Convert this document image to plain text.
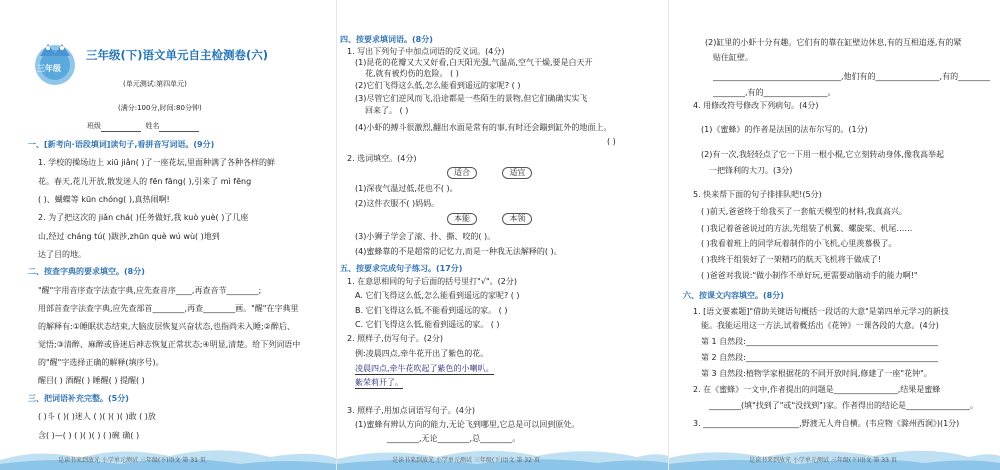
三年级
三年级(下)语文单元自主检测卷(六)
(单元测试:第四单元)
(满分:100分,时间:80分钟)
班级	姓名
一、[新考向·语段填词]读句子,看拼音写词语。(9分)
1. 学校的操场边上 xiū jiǎn( )了一座花坛,里面种满了各种各样的鲜
花。春天,花儿开放,散发迷人的 fēn fāng( ),引来了 mì fēng
( )、蝴蝶等 kūn chóng( ),真热闹啊!
2. 为了把这次的 jiǎn chá( )任务做好,我 kuò yuè( )了几座
山,经过 cháng tú( )跋涉,zhūn què wú wù( )地到
达了目的地。
二、按查字典的要求填空。(8分)
"醒"字用音序查字法查字典,应先查音序____,再查音节________;
用部首查字法查字典,应先查部首________,再查________画。"醒"在字典里
的解释有:①睡眠状态结束,大脑皮层恢复兴奋状态,也指尚未入睡;②醉后、
觉悟;③清醉、麻醉或昏迷后神志恢复正常状态;④明显,清楚。给下列词语中
的"醒"字选择正确的解释(填序号)。
醒目( ) 酒醒( ) 睡醒( ) 提醒( )
三、把词语补充完整。(5分)
( )斗 ( )( )迷人 ( )( )( )( )敢 ( )放
含( )—( ) ( )( )( ) ( )碗 确( )
是读书来到放光 小学单元测试 三年级(下)语文 第 31 页
四、按要求填词语。(8分)
1. 写出下列句子中加点词语的反义词。(4分)
(1)昆花的花瓣又大又好看,白天阳光强,气温高,空气干燥,要是白天开
花,就有被灼伤的危险。 ( )
(2)它们飞得这么低,怎么能看到遥远的家呢? ( )
(3)尽管它们逆风而飞,沿途都是一些陌生的景物,但它们确确实实飞
回来了。 ( )
(4)小虾的搏斗很激烈,翻出水面是常有的事,有时还会蹦到缸外的地面上。
( )
2. 选词填空。(4分)
适合	适宜
(1)深夜气温过低,花也不( )。
(2)这件衣服不( )妈妈。
本能	本领
(3)小狮子学会了滚、扑、撕、咬的( )。
(4)蜜蜂靠的不是超常的记忆力,而是一种我无法解释的( )。
五、按要求完成句子练习。(17分)
1. 在意思相同的句子后面的括号里打"√"。(2分)
A. 它们飞得这么低,怎么能看到遥远的家呢? ( )
B. 它们飞得这么低,不能看到遥远的家。 ( )
C. 它们飞得这么低,能看到遥远的家。 ( )
2. 照样子,仿写句子。(2分)
例:凌晨四点,牵牛花开出了紫色的花。
凌晨四点,牵牛花吹起了紫色的小喇叭。
紫荣莉开了。
3. 照样子,用加点词语写句子。(4分)
(1)蜜蜂有辨认方向的能力,无论飞到哪里,它总是可以回到原处。
________,无论________,总________。
是读书来到放光 小学单元测试 三年级(下)语文 第 32 页
(2)缸里的小虾十分有趣。它们有的靠在缸壁边休息,有的互相追逐,有的紧
贴住缸壁。
________________________________,他们有的________________,有的________
________,有的________________。
4. 用修改符号修改下列病句。(4分)
(1)《蜜蜂》的作者是法国的法布尔写的。(1分)
(2)有一次,我轻轻点了它一下用一根小棍,它立刻转动身体,像我高举起
一把锋利的大刀。(3分)
5. 快来帮下面的句子排排队吧!(5分)
( )前天,爸爸终于给我买了一套航天模型的材料,我真高兴。
( )我记着爸爸说过的方法,先组装了机翼、螺旋桨、机尾……
( )我看着班上的同学玩着制作的小飞机,心里羡慕极了。
( )我终于组装好了一架精巧的航天飞机将于做成了!
( )爸爸对我说:"做小制作不单好玩,更需要动脑动手的能力啊!"
六、按课文内容填空。(8分)
1. [语文要素题]"借助关键语句概括一段话的大意"是第四单元学习的新技
能。我能运用这一方法,试着概括出《花钟》一课各段的大意。(4分)
第 1 自然段:________________________________________________
第 2 自然段:________________________________________________
第 3 自然段:植物学家根据花的不同开放时间,修建了一座"花钟"。
2. 在《蜜蜂》一文中,作者提出的问题是________________,结果是蜜蜂
________(填"找到了"或"没找到")家。作者得出的结论是________________。
3. ________________________,野渡无人舟自横。(韦应物《滁州西涧》)(1分)
是读书来到放光 小学单元测试 三年级(下)语文 第 33 页
